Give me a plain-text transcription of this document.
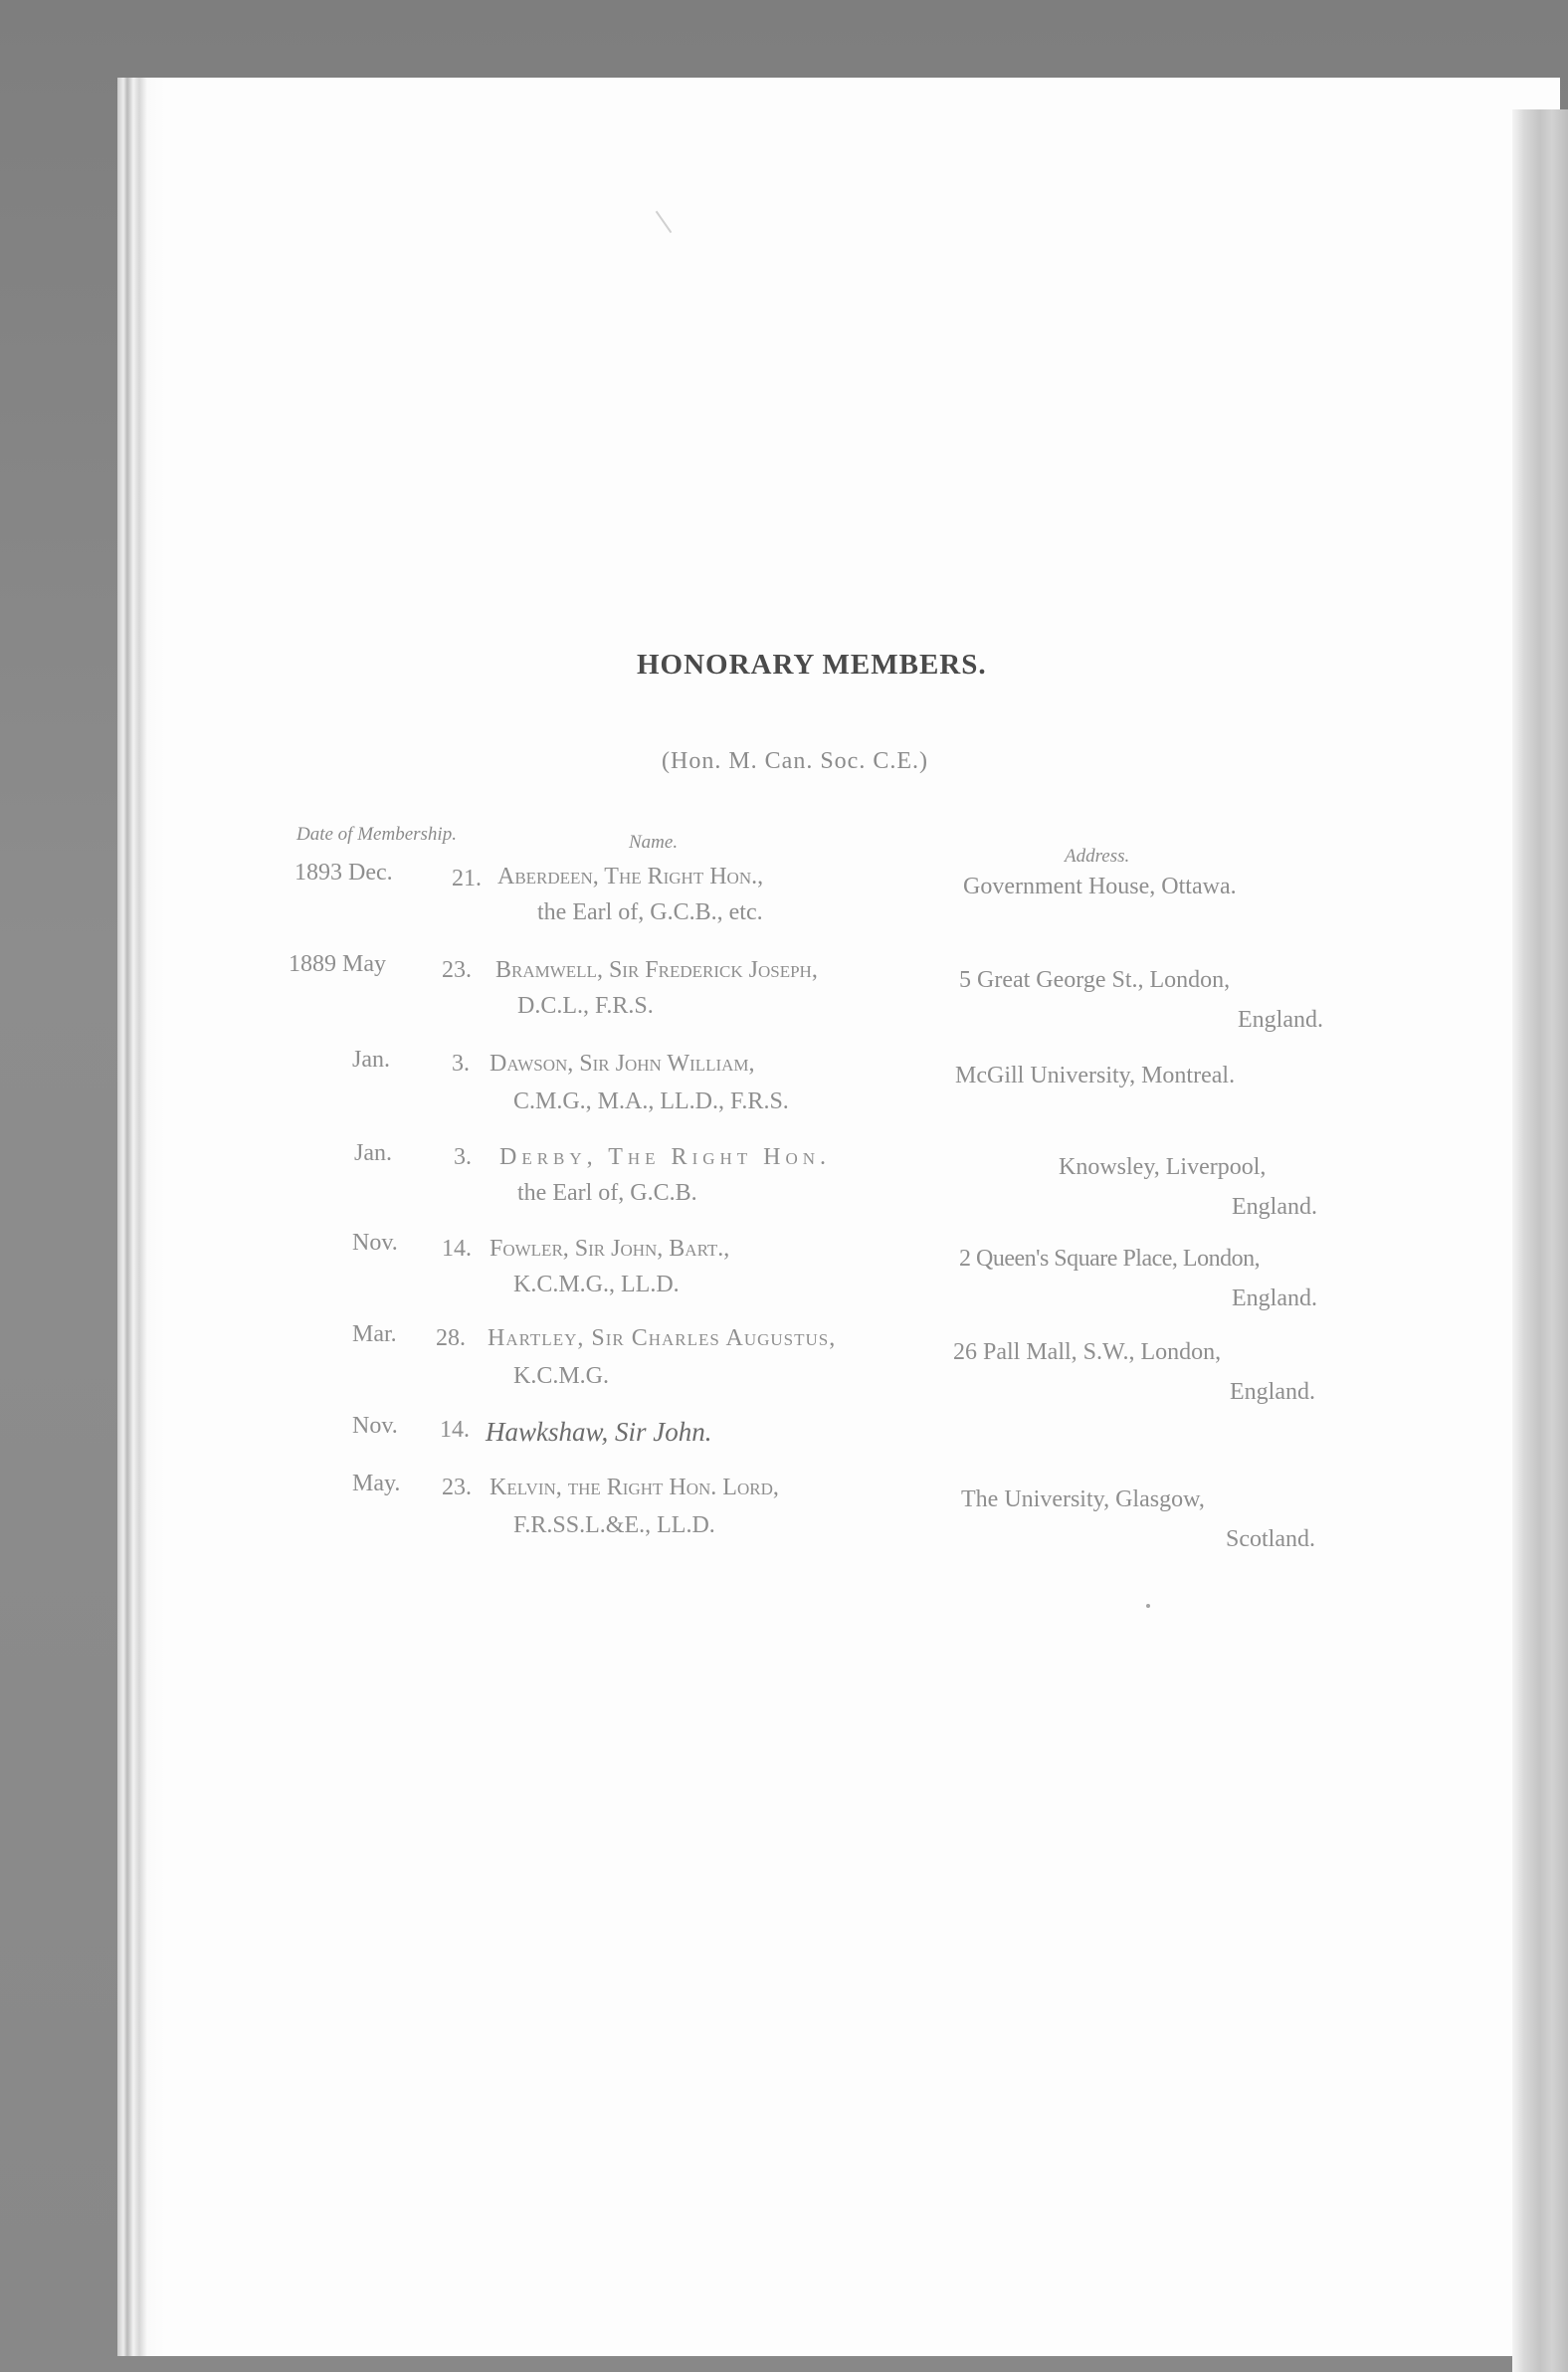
HONORARY MEMBERS.
(Hon. M. Can. Soc. C.E.)
Date of Membership.	Name.
Address.
1893 Dec. 21. Aberdeen, The Right Hon.,
the Earl of, G.C.B., etc.
Government House, Ottawa.
1889 May 23. Bramwell, Sir Frederick Joseph,
D.C.L., F.R.S.
5 Great George St., London,
England.
Jan.	3. Dawson, Sir John William,
C.M.G., M.A., LL.D., F.R.S.
McGill University, Montreal.
Jan.	3. Derby, The Right Hon.
the Earl of, G.C.B.
Knowsley, Liverpool,
England.
Nov. 14. Fowler, Sir John, Bart.,
K.C.M.G., LL.D.
2 Queen's Square Place, London,
England.
Mar. 28. Hartley, Sir Charles Augustus,
K.C.M.G.
26 Pall Mall, S.W., London,
England.
Nov. 14. Hawkshaw, Sir John.
May. 23. Kelvin, the Right Hon. Lord,
F.R.SS.L.&E., LL.D.
The University, Glasgow,
Scotland.
